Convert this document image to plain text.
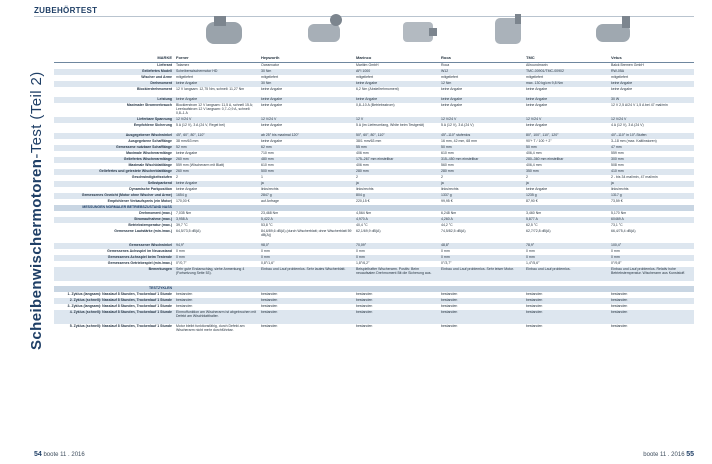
ZUBEHÖRTEST
Scheibenwischermotoren-Test (Teil 2)
MARKE	Forner	Hepworth	Marinco	Roca	TMC	Vetus
Lieferant	Tatamex	Oceanvator	Maritim GmbH	Roca	Allroundmarin	Balck Bremen GmbH
Geliefertes Modell	Scheibenwischermotor HD	30 Nm	AFI 1000	W12	TMC-00901/TMC-00902	RW-05A
Wischer und Arme	mitgeliefert	mitgeliefert	mitgeliefert	mitgeliefert	mitgeliefert	mitgeliefert
Drehmoment	keine Angabe	30 Nm	keine Angabe	12 Nm	max. 130 kg/cm 9,8 Nm	keine Angabe
Blockierdrehmoment	12 V langsam: 12,75 Nm, schnell: 11,27 Nm	keine Angabe	6,2 Nm (Abstellrehmoment)	keine Angabe	keine Angabe	keine Angabe
Leistung	keine Angabe	keine Angabe	keine Angabe	keine Angabe	keine Angabe	30 W
Maximaler Stromverbrauch	Blockierstrom 12 V langsam: 11,5 A, schnell 15 A; Leerlaufstrom 12 V langsam: 0,7–0,9 A, schnell: 0,8–1 A	keine Angabe	0,8–10 A (Betriebsstrom)	keine Angabe	keine Angabe	12 V 2,5 A/24 V 1,5 A bei 47 mal/min
Lieferbare Spannung	12 V/24 V	12 V/24 V	12 V	12 V/24 V	12 V/24 V	12 V/24 V
Empfohlene Sicherung	5 A (12 V), 3 A (24 V, Regel bei)	keine Angabe	5 A (im Lieferumfang, White beim Testgerät)	5 A (12 V), 3 A (24 V)	keine Angabe	4 A (12 V), 3 A (24 V)
Ausgegebener Wischwinkel	45°, 60°, 80°, 110°	ab 25° bis maximal 120°	50°, 60°, 80°, 110°	45°–110° stufenlos	80°, 100°, 110°, 120°	40°–110° in 10°-Stufen
Ausgegebene Schafflänge	38 mm/63 mm	keine Angabe	38/1 mm/63 mm	16 mm, 42 mm, 68 mm	90'+ T / 100 + 2"	3–18 mm (max. Kaltlinstoren)
Gemessene nutzbare Schafflänge	52 mm	62 mm	55 mm	50 mm	50 mm	47 mm
Maximale Wischerarmlänge	keine Angabe	710 mm	406 mm	610 mm	406,4 mm	559 mm
Geliefertes Wischerarmlänge	260 mm	480 mm	175–267 mm einstellbar	315–450 mm einstellbar	280–360 mm einstellbar	300 mm
Maximale Wischblattlänge	559 mm (Wischerarm mit Blatt)	610 mm	406 mm	560 mm	406,4 mm	508 mm
Geliefertes und getestete Wischerblattlänge	260 mm	500 mm	280 mm	280 mm	350 mm	410 mm
Geschwindigkeitsstufen	2	1	2	2	2	2 - bis 34 mal/min, 47 mal/min
Selbstparkend	keine Angabe	ja	ja	ja	ja	ja
Dynamische Parkposition	keine Angabe	links/rechts	links/rechts	links/rechts	keine Angabe	links/rechts
Gemessenes Gewicht (Motor ohne Wischer und Arme)	1654 g	2847 g	804 g	1337 g	1235 g	1317 g
Empfohlener Verkaufspreis (ein Motor)	170,00 €	auf Anfrage	220,15 €	99,95 €	87,90 €	73,59 €
MESSUNGEN NORMALER BETRIEBSZUSTAND NASS						
Drehmoment (max.)	7,035 Nm	23,468 Nm	4,564 Nm	6,248 Nm	3,460 Nm	5,170 Nm
Stromaufnahme (max.)	3,958 A	5,422 A	4,970 A	4,260 A	5,877 A	60469 A
Betriebstemperatur (max.)	39,7 °C	53,8 °C	40,4 °C	44,2 °C	62,5 °C	73,1 °C
Gemessene Lautstärke (min./max.)	64,5/73,5 dB(A)	84,6/89,6 dB(A) (durch Wischerblatt; ohne Wischerblatt 59 dB(A))	62,1/69,9 dB(A)	74,5/82,5 dB(A)	62,7/72,8 dB(A)	66,4/75,4 dB(A)
Gemessener Wischwinkel	94,9°	98,0°	70,09°	48,8°	78,9°	100,4°
Gemessenes Achsspiel im Neuzustand	0 mm	0 mm	0 mm	0 mm	0 mm	0 mm
Gemessenes Achsspiel beim Testende	0 mm	0 mm	0 mm	0 mm	0 mm	0 mm
Gemessenes Getriebespiel (min./max.)	0°/0,7°	0,8°/1,6°	1,8°/6,2°	0°/3,7°	1,4°/5,6°	0°/9,8°
Bemerkungen	Sehr gute Endanschlag, siehe Anmerkung 4 (Fortsetzung Seite 53).	Einbau und Lauf problemlos. Sehr lautes Wischerblatt.	Beispielhafter Wischerarm. Positiv: Beim neuaufsaten Drehmoment Bit die Sicherung aus.	Einbau und Lauf problemlos. Sehr leiser Motor.	Einbau und Lauf problemlos.	Einbau und Lauf problemlos. Relativ hohe Betriebstemperatur. Wischerarm aus Kunststoff.

TESTZYKLEN						
1. Zyklus (langsam): Nasslauf 8 Stunden, Trockenlauf 1 Stunde	bestanden	bestanden	bestanden	bestanden	bestanden	bestanden
2. Zyklus (schnell): Nasslauf 8 Stunden, Trockenlauf 1 Stunde	bestanden	bestanden	bestanden	bestanden	bestanden	bestanden
3. Zyklus (langsam): Nasslauf 8 Stunden, Trockenlauf 1 Stunde	bestanden	bestanden	bestanden	bestanden	bestanden	bestanden
4. Zyklus (schnell): Nasslauf 8 Stunden, Trockenlauf 1 Stunde	Einmoffunktion am Wischerarm ist abgebrochen mit Defekt am Wischblatthalter.	bestanden	bestanden	bestanden	bestanden	bestanden
5. Zyklus (schnell): Nasslauf 8 Stunden, Trockenlauf 1 Stunde	Motor bleibt funktionsfähig, durch Defekt am Wischerarm nicht mehr durchführbar.	bestanden	bestanden	bestanden	bestanden	bestanden
54 boote 11 . 2016	boote 11 . 2016 55
